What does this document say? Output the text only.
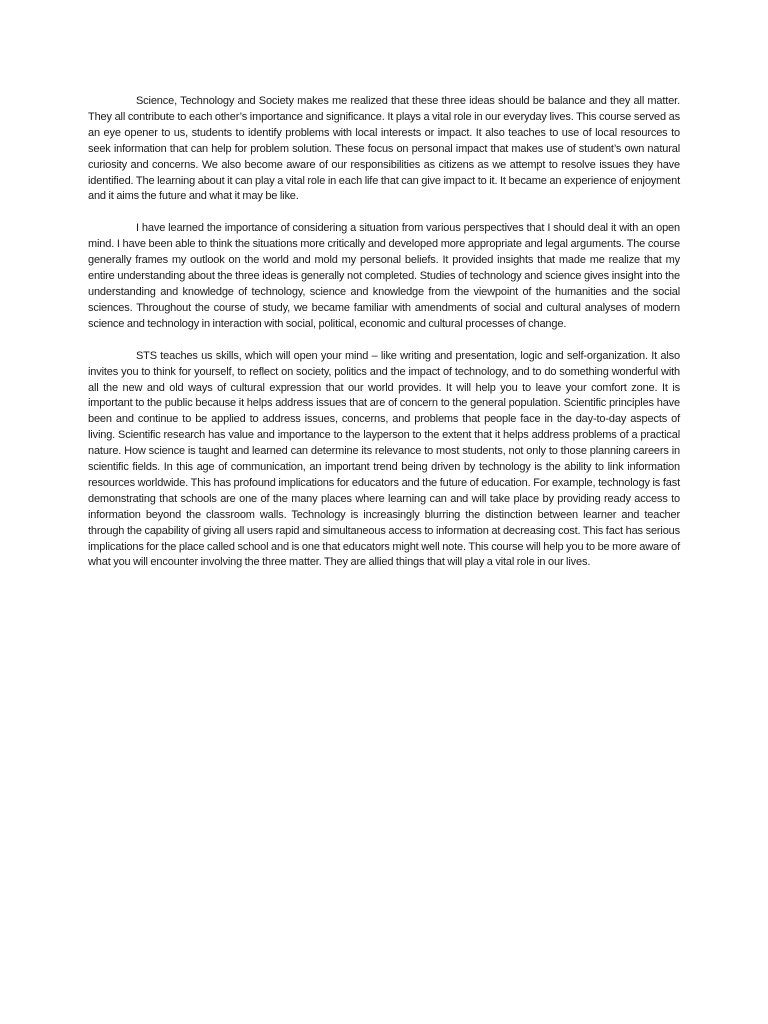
Science, Technology and Society makes me realized that these three ideas should be balance and they all matter. They all contribute to each other’s importance and significance. It plays a vital role in our everyday lives. This course served as an eye opener to us, students to identify problems with local interests or impact. It also teaches to use of local resources to seek information that can help for problem solution. These focus on personal impact that makes use of student’s own natural curiosity and concerns. We also become aware of our responsibilities as citizens as we attempt to resolve issues they have identified. The learning about it can play a vital role in each life that can give impact to it. It became an experience of enjoyment and it aims the future and what it may be like.

I have learned the importance of considering a situation from various perspectives that I should deal it with an open mind. I have been able to think the situations more critically and developed more appropriate and legal arguments. The course generally frames my outlook on the world and mold my personal beliefs. It provided insights that made me realize that my entire understanding about the three ideas is generally not completed. Studies of technology and science gives insight into the understanding and knowledge of technology, science and knowledge from the viewpoint of the humanities and the social sciences. Throughout the course of study, we became familiar with amendments of social and cultural analyses of modern science and technology in interaction with social, political, economic and cultural processes of change.

STS teaches us skills, which will open your mind – like writing and presentation, logic and self-organization. It also invites you to think for yourself, to reflect on society, politics and the impact of technology, and to do something wonderful with all the new and old ways of cultural expression that our world provides. It will help you to leave your comfort zone. It is important to the public because it helps address issues that are of concern to the general population. Scientific principles have been and continue to be applied to address issues, concerns, and problems that people face in the day-to-day aspects of living. Scientific research has value and importance to the layperson to the extent that it helps address problems of a practical nature. How science is taught and learned can determine its relevance to most students, not only to those planning careers in scientific fields. In this age of communication, an important trend being driven by technology is the ability to link information resources worldwide. This has profound implications for educators and the future of education. For example, technology is fast demonstrating that schools are one of the many places where learning can and will take place by providing ready access to information beyond the classroom walls. Technology is increasingly blurring the distinction between learner and teacher through the capability of giving all users rapid and simultaneous access to information at decreasing cost. This fact has serious implications for the place called school and is one that educators might well note. This course will help you to be more aware of what you will encounter involving the three matter. They are allied things that will play a vital role in our lives.
